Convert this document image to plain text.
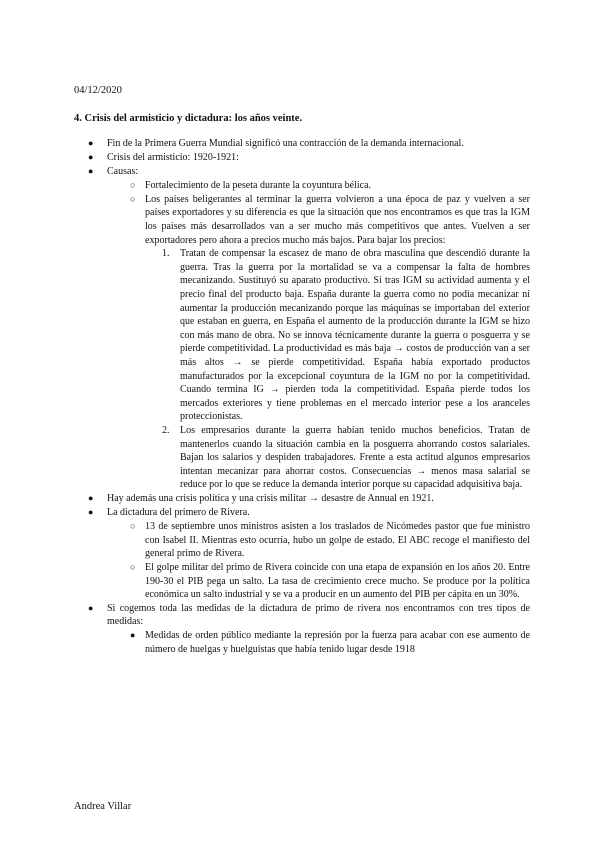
04/12/2020
4. Crisis del armisticio y dictadura: los años veinte.
● Fin de la Primera Guerra Mundial significó una contracción de la demanda internacional.
● Crisis del armisticio: 1920-1921:
● Causas:
○ Fortalecimiento de la peseta durante la coyuntura bélica.
○ Los países beligerantes al terminar la guerra volvieron a una época de paz y vuelven a ser países exportadores y su diferencia es que la situación que nos encontramos es que tras la IGM los países más desarrollados van a ser mucho más competitivos que antes. Vuelven a ser exportadores pero ahora a precios mucho más bajos. Para bajar los precios:
1. Tratan de compensar la escasez de mano de obra masculina que descendió durante la guerra. Tras la guerra por la mortalidad se va a compensar la falta de hombres mecanizando. Sustituyó su aparato productivo. Si tras IGM su actividad aumenta y el precio final del producto baja. España durante la guerra como no podía mecanizar ni aumentar la producción mecanizando porque las máquinas se importaban del exterior que estaban en guerra, en España el aumento de la producción durante la IGM se hizo con más mano de obra. No se innova técnicamente durante la guerra o posguerra y se pierde competitividad. La productividad es más baja → costos de producción van a ser más altos → se pierde competitividad. España había exportado productos manufacturados por la excepcional coyuntura de la IGM no por la competitividad. Cuando termina IG → pierden toda la competitividad. España pierde todos los mercados exteriores y tiene problemas en el mercado interior pese a los aranceles proteccionistas.
2. Los empresarios durante la guerra habían tenido muchos beneficios. Tratan de mantenerlos cuando la situación cambia en la posguerra ahorrando costos salariales. Bajan los salarios y despiden trabajadores. Frente a esta actitud algunos empresarios intentan mecanizar para ahorrar costos. Consecuencias → menos masa salarial se reduce por lo que se reduce la demanda interior porque su capacidad adquisitiva baja.
● Hay además una crisis política y una crisis militar → desastre de Annual en 1921.
● La dictadura del primero de Rivera.
○ 13 de septiembre unos ministros asisten a los traslados de Nicómedes pastor que fue ministro con Isabel II. Mientras esto ocurría, hubo un golpe de estado. El ABC recoge el manifiesto del general primo de Rivera.
○ El golpe militar del primo de Rivera coincide con una etapa de expansión en los años 20. Entre 190-30 el PIB pega un salto. La tasa de crecimiento crece mucho. Se produce por la política económica un salto industrial y se va a producir en un aumento del PIB per cápita en un 30%.
● Si cogemos toda las medidas de la dictadura de primo de rivera nos encontramos con tres tipos de medidas:
● Medidas de orden público mediante la represión por la fuerza para acabar con ese aumento de número de huelgas y huelguistas que había tenido lugar desde 1918
Andrea Villar
